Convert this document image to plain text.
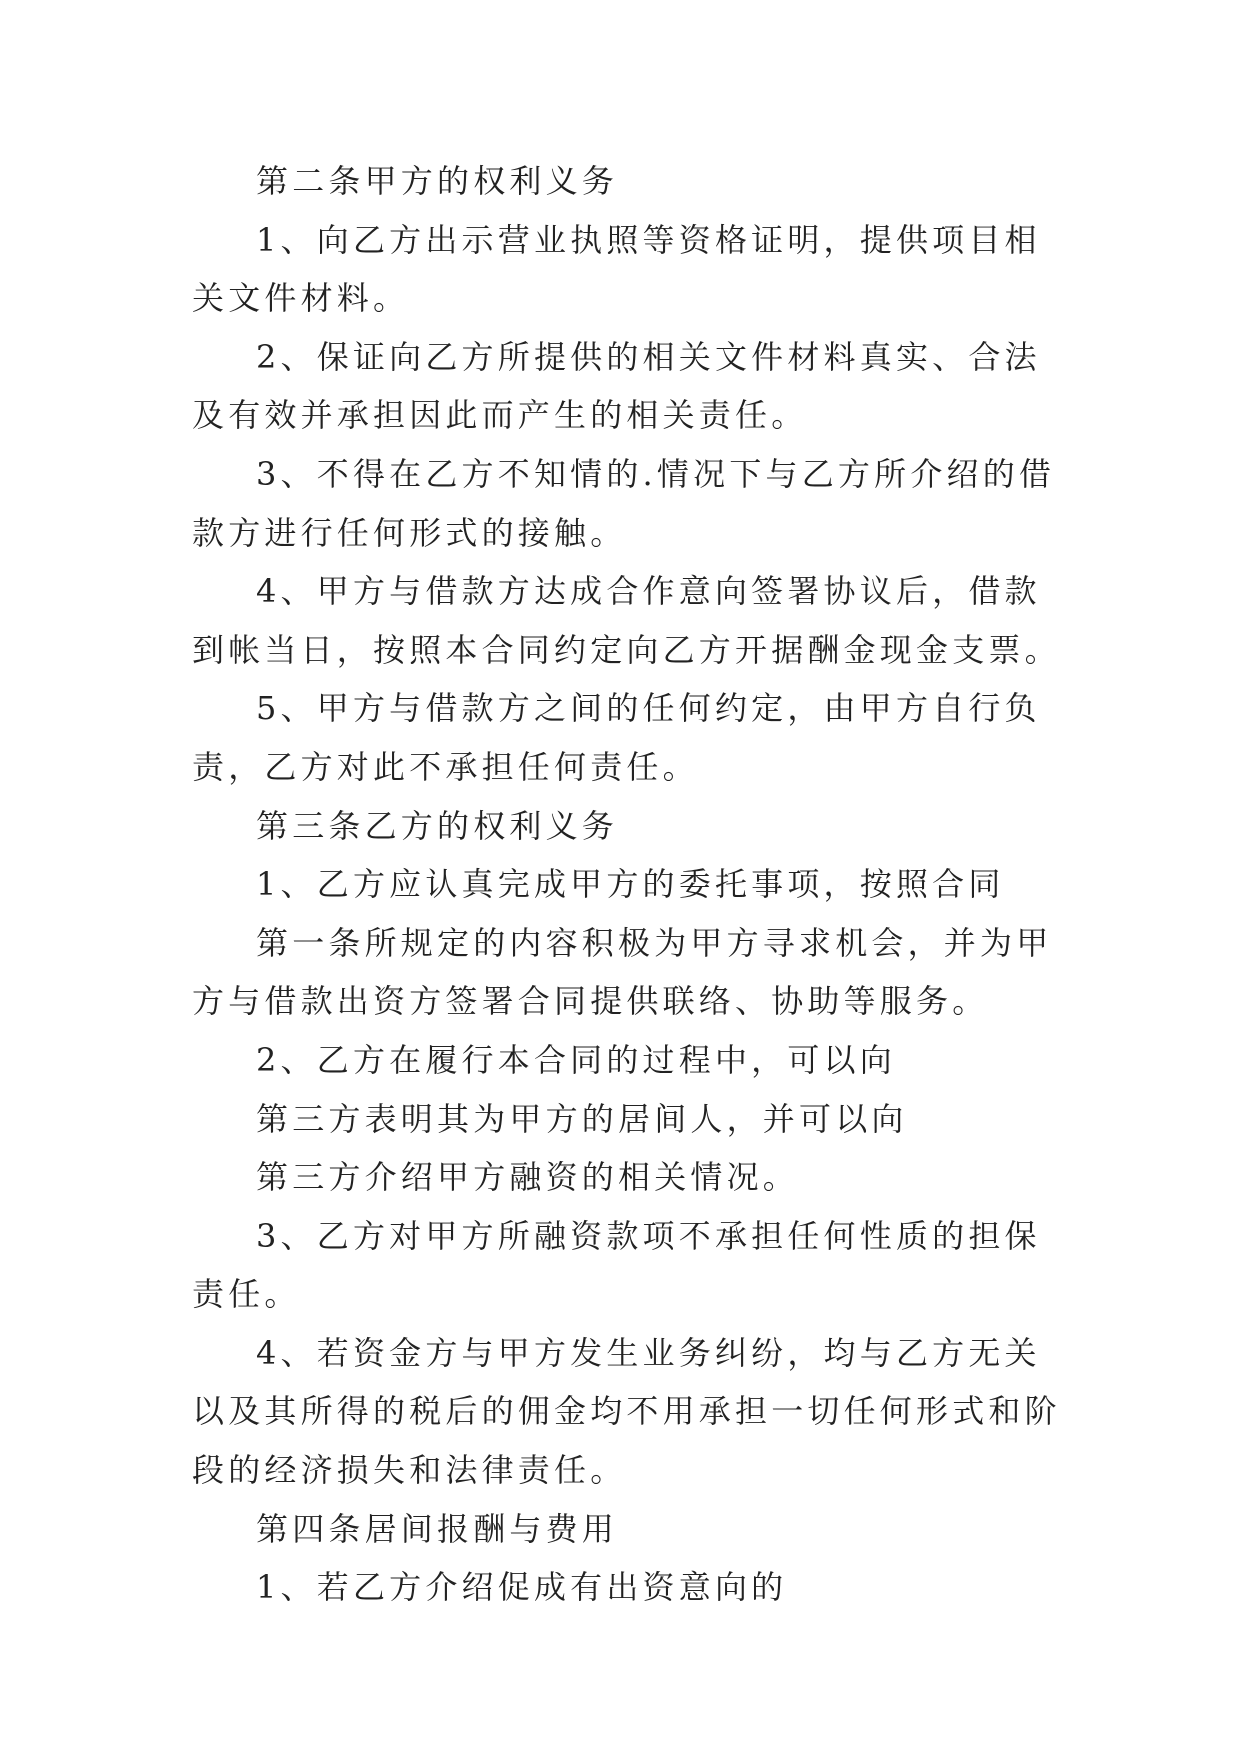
第二条甲方的权利义务

1、向乙方出示营业执照等资格证明，提供项目相关文件材料。

2、保证向乙方所提供的相关文件材料真实、合法及有效并承担因此而产生的相关责任。

3、不得在乙方不知情的.情况下与乙方所介绍的借款方进行任何形式的接触。

4、甲方与借款方达成合作意向签署协议后，借款到帐当日，按照本合同约定向乙方开据酬金现金支票。

5、甲方与借款方之间的任何约定，由甲方自行负责，乙方对此不承担任何责任。

第三条乙方的权利义务

1、乙方应认真完成甲方的委托事项，按照合同

第一条所规定的内容积极为甲方寻求机会，并为甲方与借款出资方签署合同提供联络、协助等服务。

2、乙方在履行本合同的过程中，可以向

第三方表明其为甲方的居间人，并可以向

第三方介绍甲方融资的相关情况。

3、乙方对甲方所融资款项不承担任何性质的担保责任。

4、若资金方与甲方发生业务纠纷，均与乙方无关以及其所得的税后的佣金均不用承担一切任何形式和阶段的经济损失和法律责任。

第四条居间报酬与费用

1、若乙方介绍促成有出资意向的
